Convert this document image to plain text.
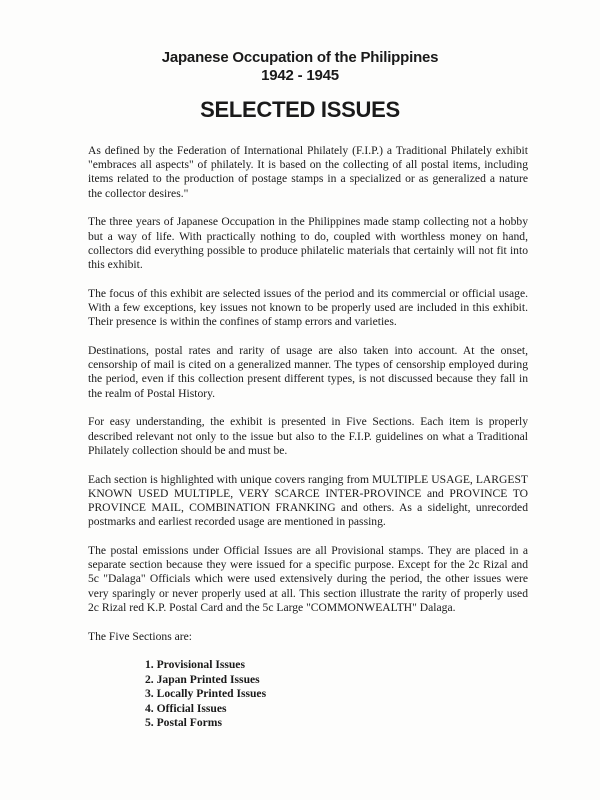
Japanese Occupation of the Philippines
1942 - 1945
SELECTED ISSUES

As defined by the Federation of International Philately (F.I.P.) a Traditional Philately exhibit "embraces all aspects" of philately. It is based on the collecting of all postal items, including items related to the production of postage stamps in a specialized or as generalized a nature the collector desires."

The three years of Japanese Occupation in the Philippines made stamp collecting not a hobby but a way of life. With practically nothing to do, coupled with worthless money on hand, collectors did everything possible to produce philatelic materials that certainly will not fit into this exhibit.

The focus of this exhibit are selected issues of the period and its commercial or official usage. With a few exceptions, key issues not known to be properly used are included in this exhibit. Their presence is within the confines of stamp errors and varieties.

Destinations, postal rates and rarity of usage are also taken into account. At the onset, censorship of mail is cited on a generalized manner. The types of censorship employed during the period, even if this collection present different types, is not discussed because they fall in the realm of Postal History.

For easy understanding, the exhibit is presented in Five Sections. Each item is properly described relevant not only to the issue but also to the F.I.P. guidelines on what a Traditional Philately collection should be and must be.

Each section is highlighted with unique covers ranging from MULTIPLE USAGE, LARGEST KNOWN USED MULTIPLE, VERY SCARCE INTER-PROVINCE and PROVINCE TO PROVINCE MAIL, COMBINATION FRANKING and others. As a sidelight, unrecorded postmarks and earliest recorded usage are mentioned in passing.

The postal emissions under Official Issues are all Provisional stamps. They are placed in a separate section because they were issued for a specific purpose. Except for the 2c Rizal and 5c "Dalaga" Officials which were used extensively during the period, the other issues were very sparingly or never properly used at all. This section illustrate the rarity of properly used 2c Rizal red K.P. Postal Card and the 5c Large "COMMONWEALTH" Dalaga.

The Five Sections are:

1. Provisional Issues
2. Japan Printed Issues
3. Locally Printed Issues
4. Official Issues
5. Postal Forms
